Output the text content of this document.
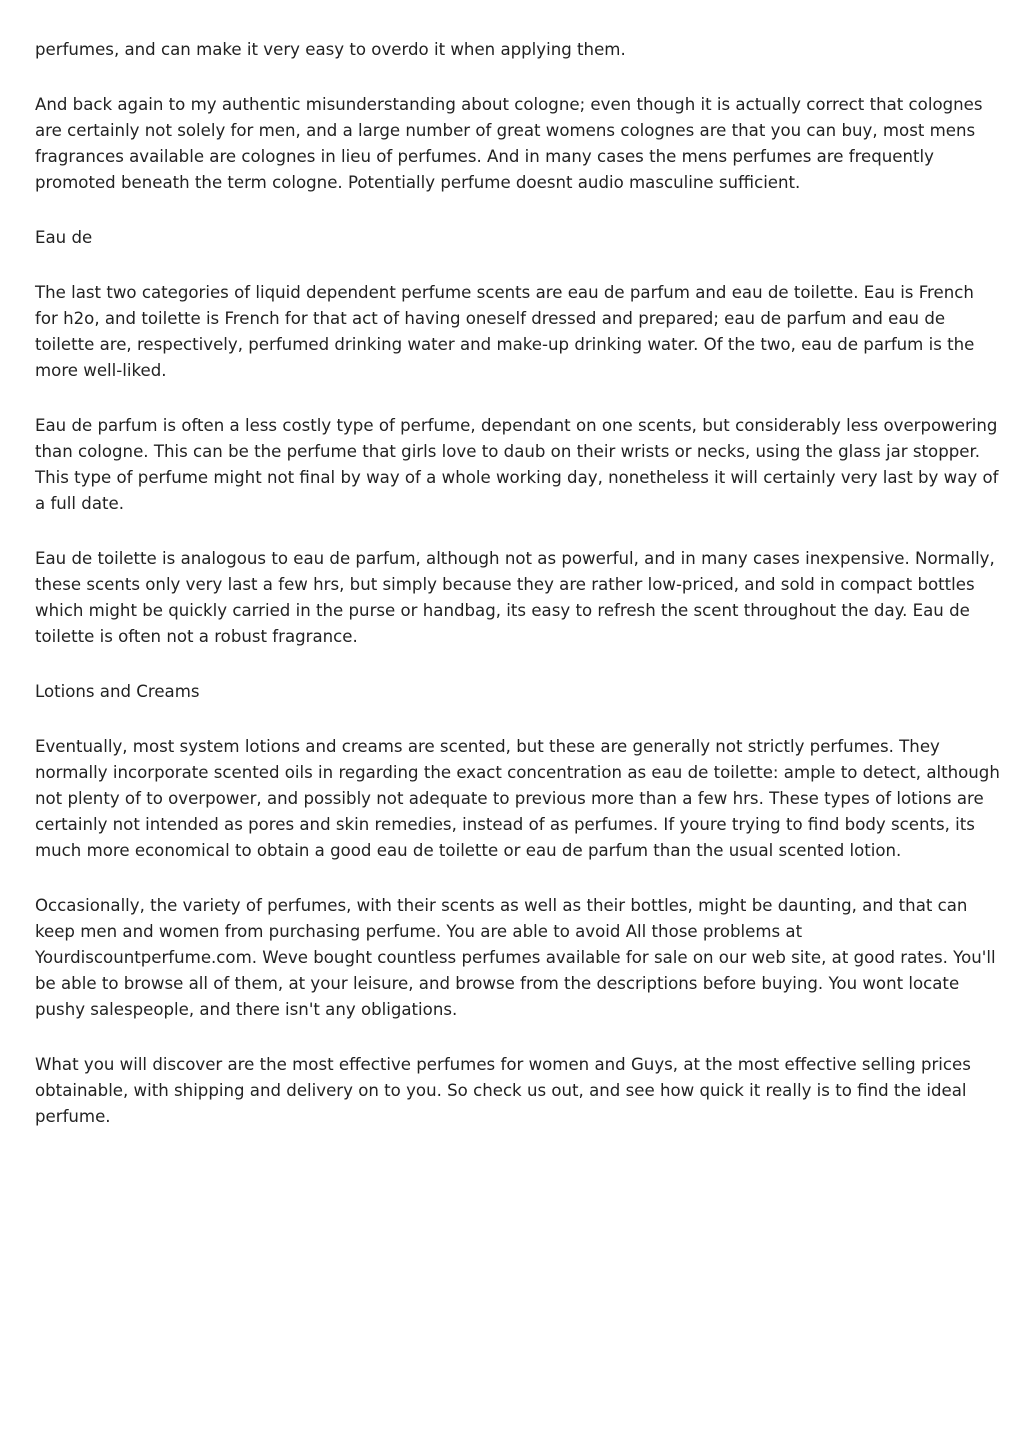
perfumes, and can make it very easy to overdo it when applying them.

And back again to my authentic misunderstanding about cologne; even though it is actually correct that colognes are certainly not solely for men, and a large number of great womens colognes are that you can buy, most mens fragrances available are colognes in lieu of perfumes. And in many cases the mens perfumes are frequently promoted beneath the term cologne. Potentially perfume doesnt audio masculine sufficient.

Eau de

The last two categories of liquid dependent perfume scents are eau de parfum and eau de toilette. Eau is French for h2o, and toilette is French for that act of having oneself dressed and prepared; eau de parfum and eau de toilette are, respectively, perfumed drinking water and make-up drinking water. Of the two, eau de parfum is the more well-liked.

Eau de parfum is often a less costly type of perfume, dependant on one scents, but considerably less overpowering than cologne. This can be the perfume that girls love to daub on their wrists or necks, using the glass jar stopper. This type of perfume might not final by way of a whole working day, nonetheless it will certainly very last by way of a full date.

Eau de toilette is analogous to eau de parfum, although not as powerful, and in many cases inexpensive. Normally, these scents only very last a few hrs, but simply because they are rather low-priced, and sold in compact bottles which might be quickly carried in the purse or handbag, its easy to refresh the scent throughout the day. Eau de toilette is often not a robust fragrance.

Lotions and Creams

Eventually, most system lotions and creams are scented, but these are generally not strictly perfumes. They normally incorporate scented oils in regarding the exact concentration as eau de toilette: ample to detect, although not plenty of to overpower, and possibly not adequate to previous more than a few hrs. These types of lotions are certainly not intended as pores and skin remedies, instead of as perfumes. If youre trying to find body scents, its much more economical to obtain a good eau de toilette or eau de parfum than the usual scented lotion.

Occasionally, the variety of perfumes, with their scents as well as their bottles, might be daunting, and that can keep men and women from purchasing perfume. You are able to avoid All those problems at Yourdiscountperfume.com. Weve bought countless perfumes available for sale on our web site, at good rates. You'll be able to browse all of them, at your leisure, and browse from the descriptions before buying. You wont locate pushy salespeople, and there isn't any obligations.

What you will discover are the most effective perfumes for women and Guys, at the most effective selling prices obtainable, with shipping and delivery on to you. So check us out, and see how quick it really is to find the ideal perfume.
